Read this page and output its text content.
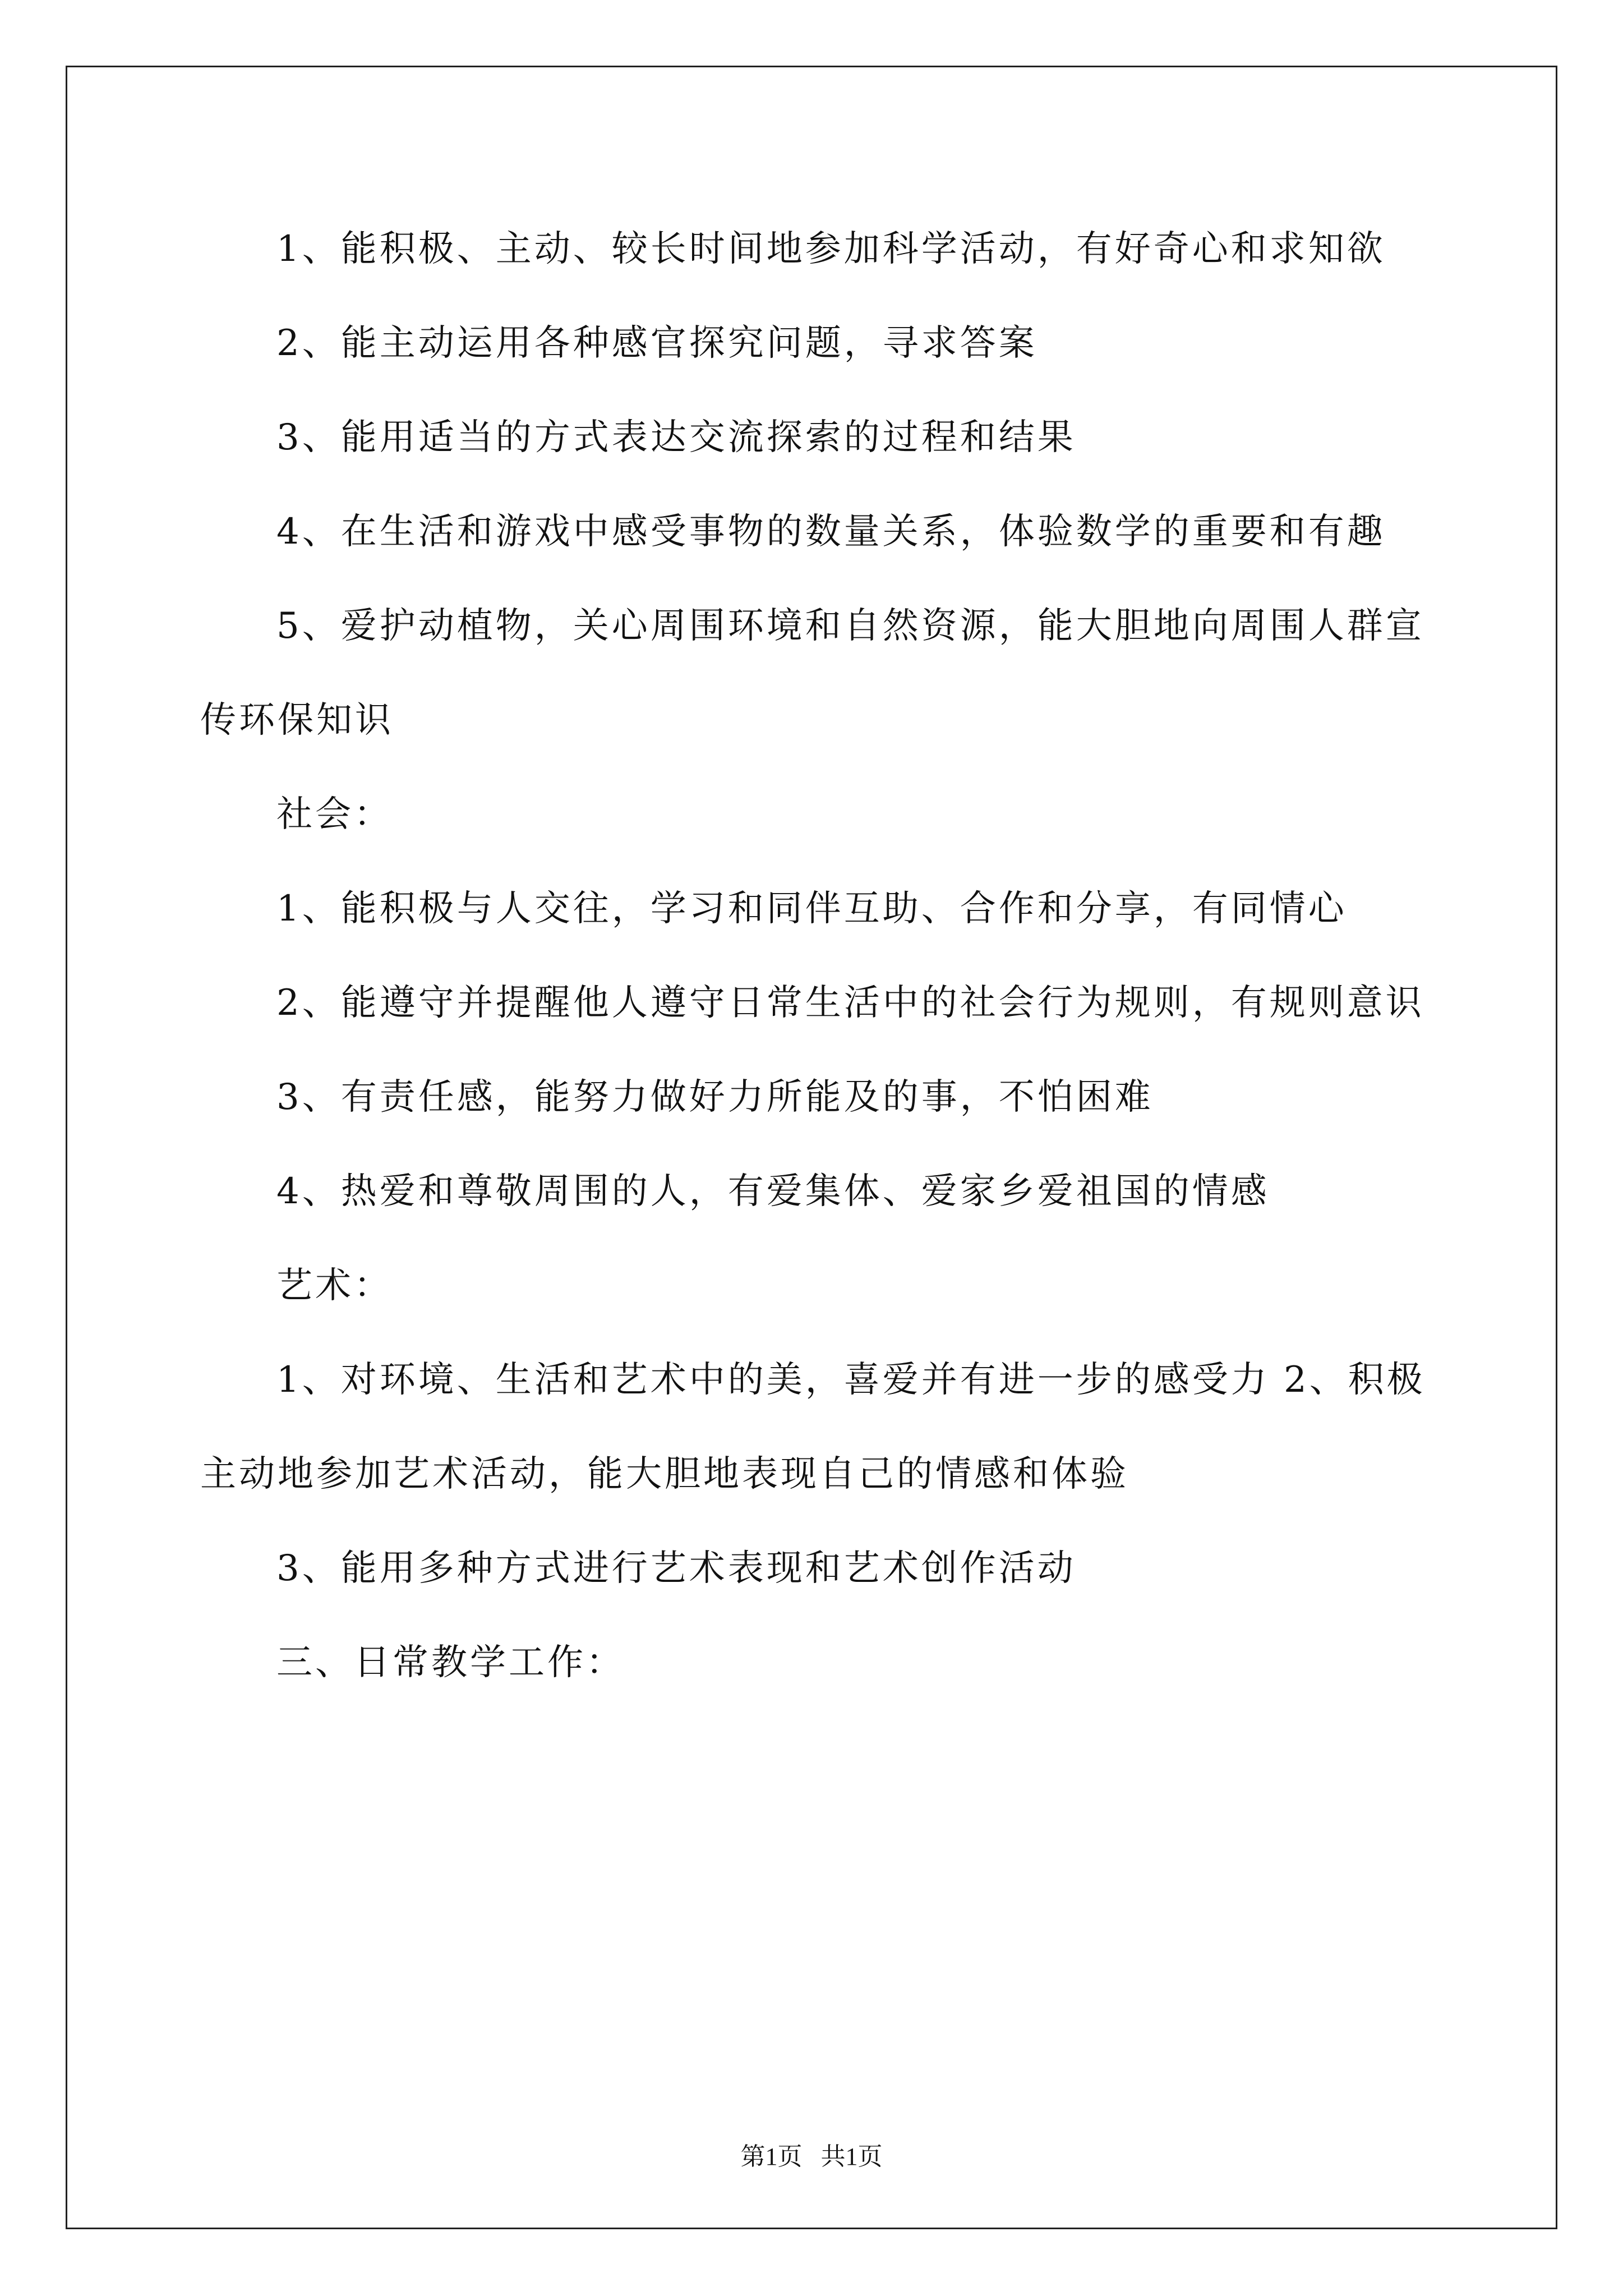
1、能积极、主动、较长时间地参加科学活动，有好奇心和求知欲

2、能主动运用各种感官探究问题，寻求答案

3、能用适当的方式表达交流探索的过程和结果

4、在生活和游戏中感受事物的数量关系，体验数学的重要和有趣

5、爱护动植物，关心周围环境和自然资源，能大胆地向周围人群宣传环保知识

社会：

1、能积极与人交往，学习和同伴互助、合作和分享，有同情心

2、能遵守并提醒他人遵守日常生活中的社会行为规则，有规则意识

3、有责任感，能努力做好力所能及的事，不怕困难

4、热爱和尊敬周围的人，有爱集体、爱家乡爱祖国的情感

艺术：

1、对环境、生活和艺术中的美，喜爱并有进一步的感受力 2、积极主动地参加艺术活动，能大胆地表现自己的情感和体验

3、能用多种方式进行艺术表现和艺术创作活动

三、日常教学工作：

第1页 共1页
